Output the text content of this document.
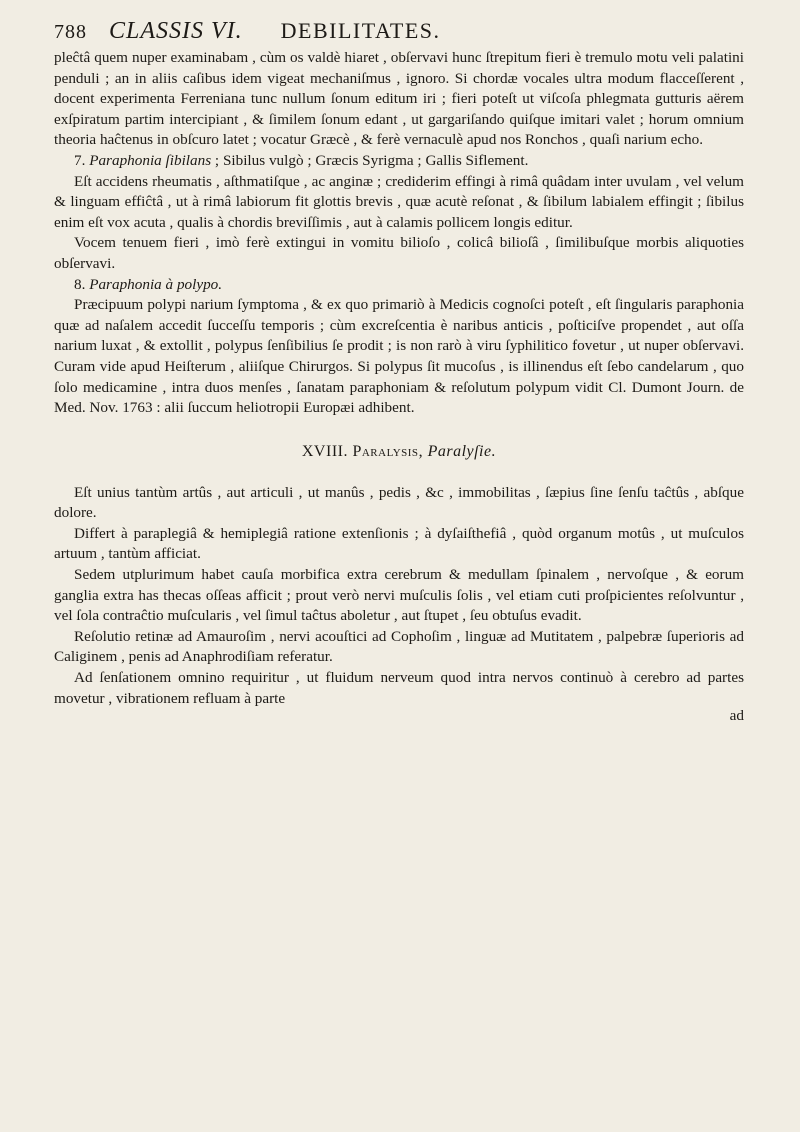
788 CLASSIS VI. DEBILITATES.

pleĉtâ quem nuper examinabam , cùm os valdè hiaret , obſervavi hunc ſtrepitum fieri è tremulo motu veli palatini penduli ; an in aliis caſibus idem vigeat mechaniſmus , ignoro. Si chordæ vocales ultra modum flacceſſerent , docent experimenta Ferreniana tunc nullum ſonum editum iri ; fieri poteſt ut viſcoſa phlegmata gutturis aërem exſpiratum partim intercipiant , & ſimilem ſonum edant , ut gargariſando quiſque imitari valet ; horum omnium theoria haĉtenus in obſcuro latet ; vocatur Græcè , & ferè vernaculè apud nos Ronchos , quaſi narium echo.

7. Paraphonia ſibilans ; Sibilus vulgò ; Græcis Syrigma ; Gallis Siflement.

Eſt accidens rheumatis , aſthmatiſque , ac anginæ ; crediderim effingi à rimâ quâdam inter uvulam , vel velum & linguam effiĉtâ , ut à rimâ labiorum fit glottis brevis , quæ acutè reſonat , & ſibilum labialem effingit ; ſibilus enim eſt vox acuta , qualis à chordis breviſſimis , aut à calamis pollicem longis editur.

Vocem tenuem fieri , imò ferè extingui in vomitu bilioſo , colicâ bilioſâ , ſimilibuſque morbis aliquoties obſervavi.

8. Paraphonia à polypo.

Præcipuum polypi narium ſymptoma , & ex quo primariò à Medicis cognoſci poteſt , eſt ſingularis paraphonia quæ ad naſalem accedit ſucceſſu temporis ; cùm excreſcentia è naribus anticis , poſticiſve propendet , aut oſſa narium luxat , & extollit , polypus ſenſibilius ſe prodit ; is non rarò à viru ſyphilitico fovetur , ut nuper obſervavi. Curam vide apud Heiſterum , aliiſque Chirurgos. Si polypus ſit mucoſus , is illinendus eſt ſebo candelarum , quo ſolo medicamine , intra duos menſes , ſanatam paraphoniam & reſolutum polypum vidit Cl. Dumont Journ. de Med. Nov. 1763 : alii ſuccum heliotropii Europæi adhibent.

XVIII. Paralysis, Paralyſie.

Eſt unius tantùm artûs , aut articuli , ut manûs , pedis , &c , immobilitas , ſæpius ſine ſenſu taĉtûs , abſque dolore.

Differt à paraplegiâ & hemiplegiâ ratione extenſionis ; à dyſaiſthefiâ , quòd organum motûs , ut muſculos artuum , tantùm afficiat.

Sedem utplurimum habet cauſa morbifica extra cerebrum & medullam ſpinalem , nervoſque , & eorum ganglia extra has thecas oſſeas afficit ; prout verò nervi muſculis ſolis , vel etiam cuti proſpicientes reſolvuntur , vel ſola contraĉtio muſcularis , vel ſimul taĉtus aboletur , aut ſtupet , ſeu obtuſus evadit.

Reſolutio retinæ ad Amauroſim , nervi acouſtici ad Cophoſim , linguæ ad Mutitatem , palpebræ ſuperioris ad Caliginem , penis ad Anaphrodiſiam referatur.

Ad ſenſationem omnino requiritur , ut fluidum nerveum quod intra nervos continuò à cerebro ad partes movetur , vibrationem refluam à parte

ad
